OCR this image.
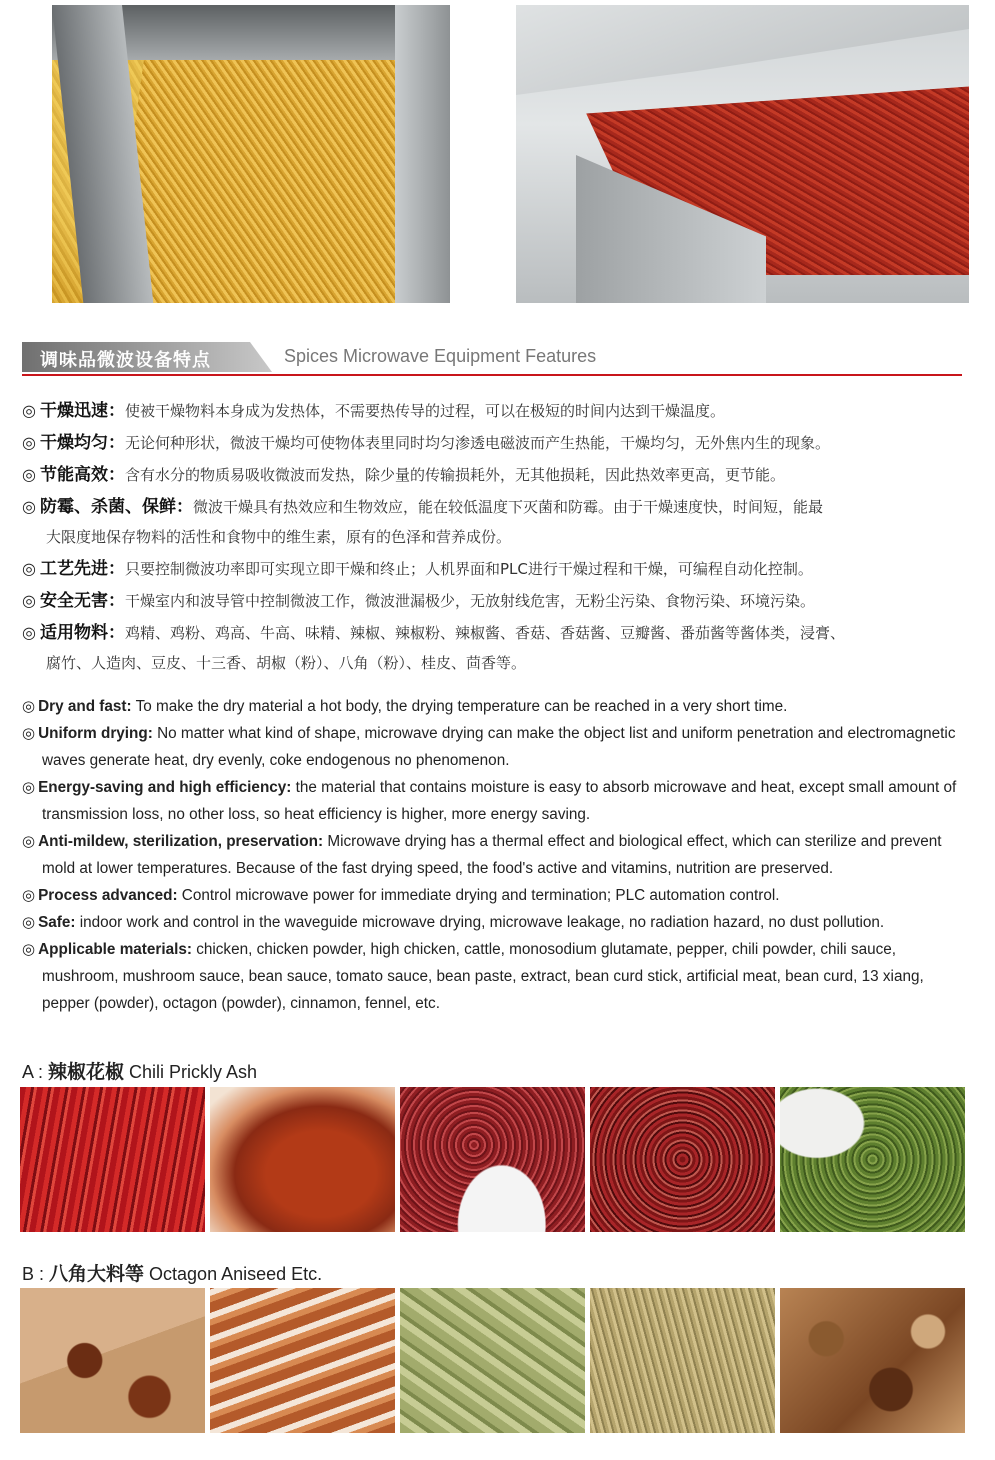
调味品微波设备特点	Spices Microwave Equipment Features
◎ 干燥迅速：使被干燥物料本身成为发热体，不需要热传导的过程，可以在极短的时间内达到干燥温度。
◎ 干燥均匀：无论何种形状，微波干燥均可使物体表里同时均匀渗透电磁波而产生热能，干燥均匀，无外焦内生的现象。
◎ 节能高效：含有水分的物质易吸收微波而发热，除少量的传输损耗外，无其他损耗，因此热效率更高，更节能。
◎ 防霉、杀菌、保鲜：微波干燥具有热效应和生物效应，能在较低温度下灭菌和防霉。由于干燥速度快，时间短，能最
大限度地保存物料的活性和食物中的维生素，原有的色泽和营养成份。
◎ 工艺先进：只要控制微波功率即可实现立即干燥和终止；人机界面和PLC进行干燥过程和干燥，可编程自动化控制。
◎ 安全无害：干燥室内和波导管中控制微波工作，微波泄漏极少，无放射线危害，无粉尘污染、食物污染、环境污染。
◎ 适用物料：鸡精、鸡粉、鸡高、牛高、味精、辣椒、辣椒粉、辣椒酱、香菇、香菇酱、豆瓣酱、番茄酱等酱体类，浸膏、
腐竹、人造肉、豆皮、十三香、胡椒（粉）、八角（粉）、桂皮、茴香等。
◎ Dry and fast: To make the dry material a hot body, the drying temperature can be reached in a very short time.
◎ Uniform drying: No matter what kind of shape, microwave drying can make the object list and uniform penetration and electromagnetic waves generate heat, dry evenly, coke endogenous no phenomenon.
◎ Energy-saving and high efficiency: the material that contains moisture is easy to absorb microwave and heat, except small amount of transmission loss, no other loss, so heat efficiency is higher, more energy saving.
◎ Anti-mildew, sterilization, preservation: Microwave drying has a thermal effect and biological effect, which can sterilize and prevent mold at lower temperatures. Because of the fast drying speed, the food's active and vitamins, nutrition are preserved.
◎ Process advanced: Control microwave power for immediate drying and termination; PLC automation control.
◎ Safe: indoor work and control in the waveguide microwave drying, microwave leakage, no radiation hazard, no dust pollution.
◎ Applicable materials: chicken, chicken powder, high chicken, cattle, monosodium glutamate, pepper, chili powder, chili sauce, mushroom, mushroom sauce, bean sauce, tomato sauce, bean paste, extract, bean curd stick, artificial meat, bean curd, 13 xiang, pepper (powder), octagon (powder), cinnamon, fennel, etc.
A : 辣椒花椒 Chili Prickly Ash
B : 八角大料等 Octagon Aniseed Etc.
